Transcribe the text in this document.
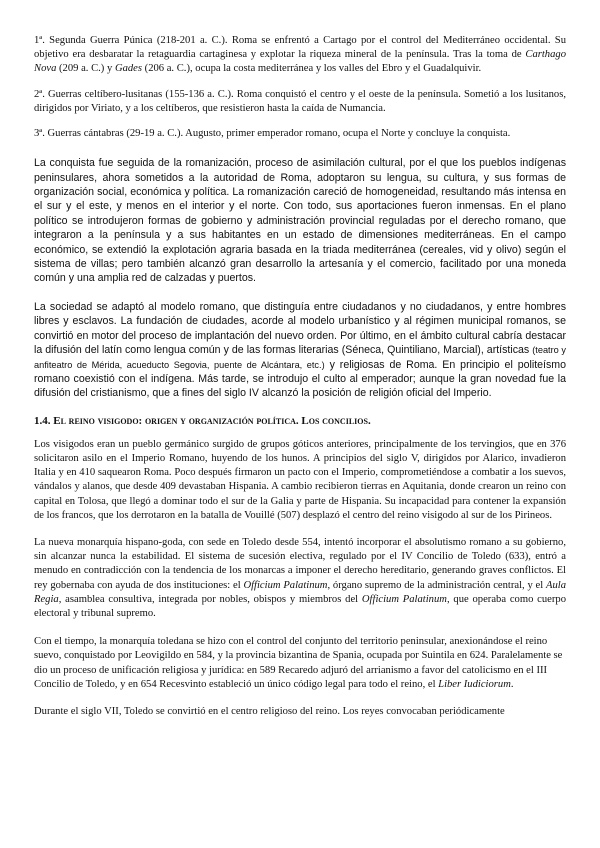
1ª. Segunda Guerra Púnica (218-201 a. C.). Roma se enfrentó a Cartago por el control del Mediterráneo occidental. Su objetivo era desbaratar la retaguardia cartaginesa y explotar la riqueza mineral de la península. Tras la toma de Carthago Nova (209 a. C.) y Gades (206 a. C.), ocupa la costa mediterránea y los valles del Ebro y el Guadalquivir.

2ª. Guerras celtíbero-lusitanas (155-136 a. C.). Roma conquistó el centro y el oeste de la península. Sometió a los lusitanos, dirigidos por Viriato, y a los celtíberos, que resistieron hasta la caída de Numancia.

3ª. Guerras cántabras (29-19 a. C.). Augusto, primer emperador romano, ocupa el Norte y concluye la conquista.

La conquista fue seguida de la romanización, proceso de asimilación cultural, por el que los pueblos indígenas peninsulares, ahora sometidos a la autoridad de Roma, adoptaron su lengua, su cultura, y sus formas de organización social, económica y política. La romanización careció de homogeneidad, resultando más intensa en el sur y el este, y menos en el interior y el norte. Con todo, sus aportaciones fueron inmensas. En el plano político se introdujeron formas de gobierno y administración provincial reguladas por el derecho romano, que integraron a la península y a sus habitantes en un estado de dimensiones mediterráneas. En el campo económico, se extendió la explotación agraria basada en la triada mediterránea (cereales, vid y olivo) según el sistema de villas; pero también alcanzó gran desarrollo la artesanía y el comercio, facilitado por una moneda común y una amplia red de calzadas y puertos.

La sociedad se adaptó al modelo romano, que distinguía entre ciudadanos y no ciudadanos, y entre hombres libres y esclavos. La fundación de ciudades, acorde al modelo urbanístico y al régimen municipal romanos, se convirtió en motor del proceso de implantación del nuevo orden. Por último, en el ámbito cultural cabría destacar la difusión del latín como lengua común y de las formas literarias (Séneca, Quintiliano, Marcial), artísticas (teatro y anfiteatro de Mérida, acueducto Segovia, puente de Alcántara, etc.) y religiosas de Roma. En principio el politeísmo romano coexistió con el indígena. Más tarde, se introdujo el culto al emperador; aunque la gran novedad fue la difusión del cristianismo, que a fines del siglo IV alcanzó la posición de religión oficial del Imperio.

1.4. El reino visigodo: origen y organización política. Los concilios.

Los visigodos eran un pueblo germánico surgido de grupos góticos anteriores, principalmente de los tervingios, que en 376 solicitaron asilo en el Imperio Romano, huyendo de los hunos. A principios del siglo V, dirigidos por Alarico, invadieron Italia y en 410 saquearon Roma. Poco después firmaron un pacto con el Imperio, comprometiéndose a combatir a los suevos, vándalos y alanos, que desde 409 devastaban Hispania. A cambio recibieron tierras en Aquitania, donde crearon un reino con capital en Tolosa, que llegó a dominar todo el sur de la Galia y parte de Hispania. Su incapacidad para contener la expansión de los francos, que los derrotaron en la batalla de Vouillé (507) desplazó el centro del reino visigodo al sur de los Pirineos.

La nueva monarquía hispano-goda, con sede en Toledo desde 554, intentó incorporar el absolutismo romano a su gobierno, sin alcanzar nunca la estabilidad. El sistema de sucesión electiva, regulado por el IV Concilio de Toledo (633), entró a menudo en contradicción con la tendencia de los monarcas a imponer el derecho hereditario, generando graves conflictos. El rey gobernaba con ayuda de dos instituciones: el Officium Palatinum, órgano supremo de la administración central, y el Aula Regia, asamblea consultiva, integrada por nobles, obispos y miembros del Officium Palatinum, que operaba como cuerpo electoral y tribunal supremo.

Con el tiempo, la monarquía toledana se hizo con el control del conjunto del territorio peninsular, anexionándose el reino suevo, conquistado por Leovigildo en 584, y la provincia bizantina de Spania, ocupada por Suintila en 624. Paralelamente se dio un proceso de unificación religiosa y jurídica: en 589 Recaredo adjuró del arrianismo a favor del catolicismo en el III Concilio de Toledo, y en 654 Recesvinto estableció un único código legal para todo el reino, el Liber Iudiciorum.

Durante el siglo VII, Toledo se convirtió en el centro religioso del reino. Los reyes convocaban periódicamente
